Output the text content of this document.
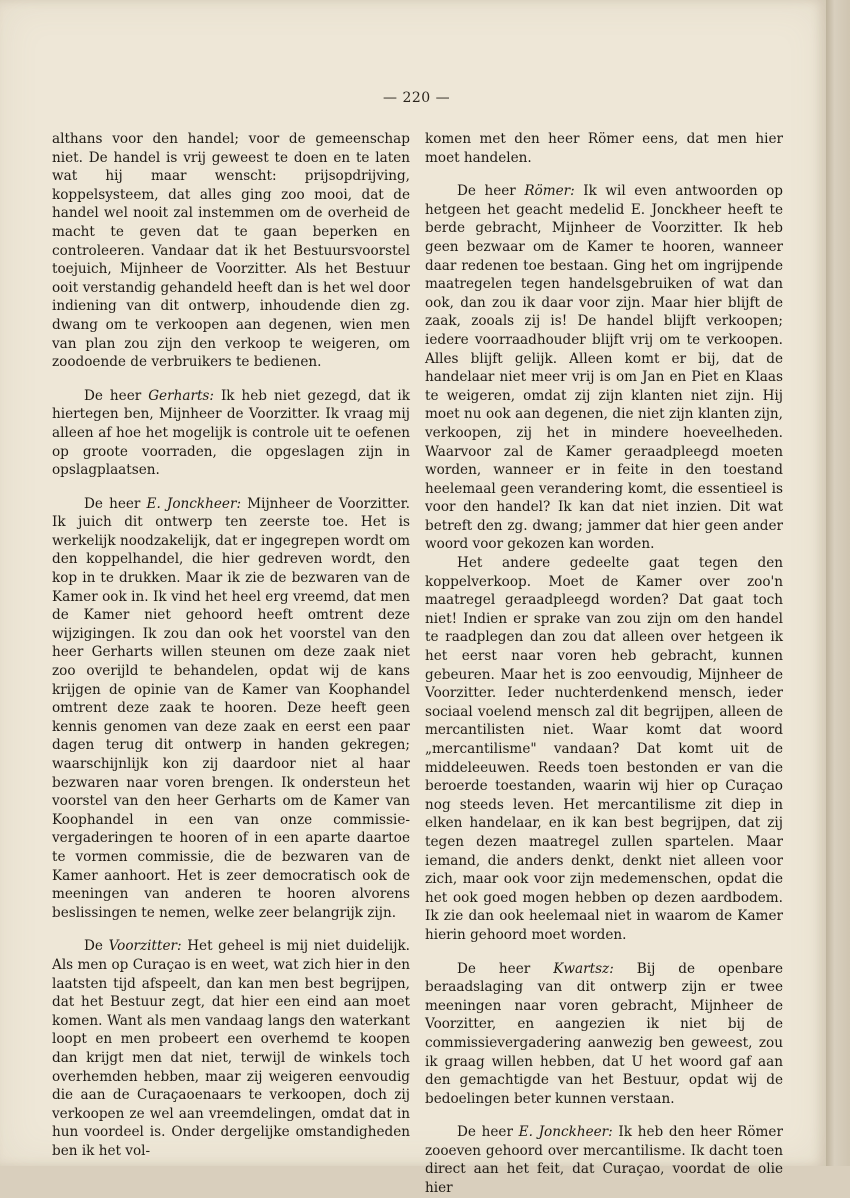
— 220 —

althans voor den handel; voor de gemeenschap niet. De handel is vrij geweest te doen en te laten wat hij maar wenscht: prijsopdrijving, koppelsysteem, dat alles ging zoo mooi, dat de handel wel nooit zal instemmen om de overheid de macht te geven dat te gaan beperken en controleeren. Vandaar dat ik het Bestuursvoorstel toejuich, Mijnheer de Voorzitter. Als het Bestuur ooit verstandig gehandeld heeft dan is het wel door indiening van dit ontwerp, inhoudende dien zg. dwang om te verkoopen aan degenen, wien men van plan zou zijn den verkoop te weigeren, om zoodoende de verbruikers te bedienen.

De heer Gerharts: Ik heb niet gezegd, dat ik hiertegen ben, Mijnheer de Voorzitter. Ik vraag mij alleen af hoe het mogelijk is controle uit te oefenen op groote voorraden, die opgeslagen zijn in opslagplaatsen.

De heer E. Jonckheer: Mijnheer de Voorzitter. Ik juich dit ontwerp ten zeerste toe. Het is werkelijk noodzakelijk, dat er ingegrepen wordt om den koppelhandel, die hier gedreven wordt, den kop in te drukken. Maar ik zie de bezwaren van de Kamer ook in. Ik vind het heel erg vreemd, dat men de Kamer niet gehoord heeft omtrent deze wijzigingen. Ik zou dan ook het voorstel van den heer Gerharts willen steunen om deze zaak niet zoo overijld te behandelen, opdat wij de kans krijgen de opinie van de Kamer van Koophandel omtrent deze zaak te hooren. Deze heeft geen kennis genomen van deze zaak en eerst een paar dagen terug dit ontwerp in handen gekregen; waarschijnlijk kon zij daardoor niet al haar bezwaren naar voren brengen. Ik ondersteun het voorstel van den heer Gerharts om de Kamer van Koophandel in een van onze commissie-vergaderingen te hooren of in een aparte daartoe te vormen commissie, die de bezwaren van de Kamer aanhoort. Het is zeer democratisch ook de meeningen van anderen te hooren alvorens beslissingen te nemen, welke zeer belangrijk zijn.

De Voorzitter: Het geheel is mij niet duidelijk. Als men op Curaçao is en weet, wat zich hier in den laatsten tijd afspeelt, dan kan men best begrijpen, dat het Bestuur zegt, dat hier een eind aan moet komen. Want als men vandaag langs den waterkant loopt en men probeert een overhemd te koopen dan krijgt men dat niet, terwijl de winkels toch overhemden hebben, maar zij weigeren eenvoudig die aan de Curaçaoenaars te verkoopen, doch zij verkoopen ze wel aan vreemdelingen, omdat dat in hun voordeel is. Onder dergelijke omstandigheden ben ik het vol-

komen met den heer Römer eens, dat men hier moet handelen.

De heer Römer: Ik wil even antwoorden op hetgeen het geacht medelid E. Jonckheer heeft te berde gebracht, Mijnheer de Voorzitter. Ik heb geen bezwaar om de Kamer te hooren, wanneer daar redenen toe bestaan. Ging het om ingrijpende maatregelen tegen handelsgebruiken of wat dan ook, dan zou ik daar voor zijn. Maar hier blijft de zaak, zooals zij is! De handel blijft verkoopen; iedere voorraadhouder blijft vrij om te verkoopen. Alles blijft gelijk. Alleen komt er bij, dat de handelaar niet meer vrij is om Jan en Piet en Klaas te weigeren, omdat zij zijn klanten niet zijn. Hij moet nu ook aan degenen, die niet zijn klanten zijn, verkoopen, zij het in mindere hoeveelheden. Waarvoor zal de Kamer geraadpleegd moeten worden, wanneer er in feite in den toestand heelemaal geen verandering komt, die essentieel is voor den handel? Ik kan dat niet inzien. Dit wat betreft den zg. dwang; jammer dat hier geen ander woord voor gekozen kan worden.

Het andere gedeelte gaat tegen den koppelverkoop. Moet de Kamer over zoo'n maatregel geraadpleegd worden? Dat gaat toch niet! Indien er sprake van zou zijn om den handel te raadplegen dan zou dat alleen over hetgeen ik het eerst naar voren heb gebracht, kunnen gebeuren. Maar het is zoo eenvoudig, Mijnheer de Voorzitter. Ieder nuchterdenkend mensch, ieder sociaal voelend mensch zal dit begrijpen, alleen de mercantilisten niet. Waar komt dat woord „mercantilisme" vandaan? Dat komt uit de middeleeuwen. Reeds toen bestonden er van die beroerde toestanden, waarin wij hier op Curaçao nog steeds leven. Het mercantilisme zit diep in elken handelaar, en ik kan best begrijpen, dat zij tegen dezen maatregel zullen spartelen. Maar iemand, die anders denkt, denkt niet alleen voor zich, maar ook voor zijn medemenschen, opdat die het ook goed mogen hebben op dezen aardbodem. Ik zie dan ook heelemaal niet in waarom de Kamer hierin gehoord moet worden.

De heer Kwartsz: Bij de openbare beraadslaging van dit ontwerp zijn er twee meeningen naar voren gebracht, Mijnheer de Voorzitter, en aangezien ik niet bij de commissievergadering aanwezig ben geweest, zou ik graag willen hebben, dat U het woord gaf aan den gemachtigde van het Bestuur, opdat wij de bedoelingen beter kunnen verstaan.

De heer E. Jonckheer: Ik heb den heer Römer zooeven gehoord over mercantilisme. Ik dacht toen direct aan het feit, dat Curaçao, voordat de olie hier
